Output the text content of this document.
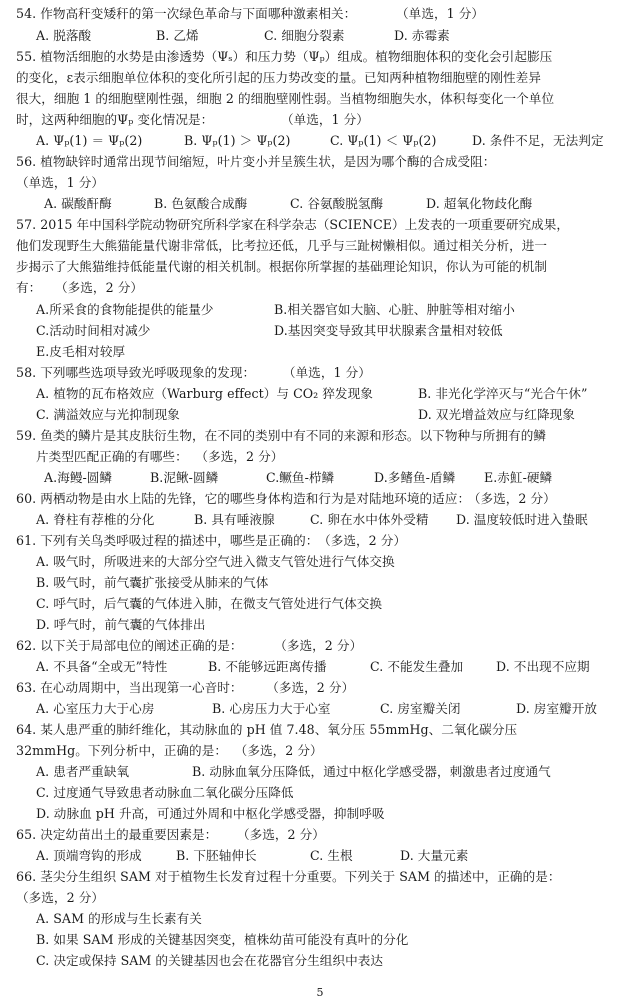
54. 作物高秆变矮秆的第一次绿色革命与下面哪种激素相关：	（单选，1 分）
A. 脱落酸	B. 乙烯	C. 细胞分裂素	D. 赤霉素
55. 植物活细胞的水势是由渗透势（Ψₛ）和压力势（Ψₚ）组成。植物细胞体积的变化会引起膨压
的变化，ε表示细胞单位体积的变化所引起的压力势改变的量。已知两种植物细胞壁的刚性差异
很大，细胞 1 的细胞壁刚性强，细胞 2 的细胞壁刚性弱。当植物细胞失水，体积每变化一个单位
时，这两种细胞的Ψₚ 变化情况是：	（单选，1 分）
A. Ψₚ(1) ＝ Ψₚ(2)	B. Ψₚ(1) ＞ Ψₚ(2)	C. Ψₚ(1) ＜ Ψₚ(2)	D. 条件不足，无法判定
56. 植物缺锌时通常出现节间缩短，叶片变小并呈簇生状，是因为哪个酶的合成受阻：
（单选，1 分）
A. 碳酸酐酶	B. 色氨酸合成酶	C. 谷氨酸脱氢酶	D. 超氧化物歧化酶
57. 2015 年中国科学院动物研究所科学家在科学杂志（SCIENCE）上发表的一项重要研究成果，
他们发现野生大熊猫能量代谢非常低，比考拉还低，几乎与三趾树懒相似。通过相关分析，进一
步揭示了大熊猫维持低能量代谢的相关机制。根据你所掌握的基础理论知识，你认为可能的机制
有： （多选，2 分）
A.所采食的食物能提供的能量少	B.相关器官如大脑、心脏、肿脏等相对缩小
C.活动时间相对减少	D.基因突变导致其甲状腺素含量相对较低
E.皮毛相对较厚
58. 下列哪些选项导致光呼吸现象的发现：	（单选，1 分）
A. 植物的瓦布格效应（Warburg effect）与 CO₂ 猝发现象	B. 非光化学淬灭与“光合午休”
C. 满溢效应与光抑制现象	D. 双光增益效应与红降现象
59. 鱼类的鳞片是其皮肤衍生物，在不同的类别中有不同的来源和形态。以下物种与所拥有的鳞
片类型匹配正确的有哪些： （多选，2 分）
A.海鳗-圆鳞	B.泥鳅-圆鳞	C.鳜鱼-栉鳞	D.多鳍鱼-盾鳞 E.赤魟-硬鳞
60. 两栖动物是由水上陆的先锋，它的哪些身体构造和行为是对陆地环境的适应： （多选，2 分）
A. 脊柱有荐椎的分化	B. 具有唾液腺	C. 卵在水中体外受精 D. 温度较低时进入蛰眠
61. 下列有关鸟类呼吸过程的描述中，哪些是正确的： （多选，2 分）
A. 吸气时，所吸进来的大部分空气进入微支气管处进行气体交换
B. 吸气时，前气囊扩张接受从肺来的气体
C. 呼气时，后气囊的气体进入肺，在微支气管处进行气体交换
D. 呼气时，前气囊的气体排出
62. 以下关于局部电位的阐述正确的是：	（多选，2 分）
A. 不具备“全或无”特性	B. 不能够远距离传播	C. 不能发生叠加	D. 不出现不应期
63. 在心动周期中，当出现第一心音时： （多选，2 分）
A. 心室压力大于心房	B. 心房压力大于心室	C. 房室瓣关闭	D. 房室瓣开放
64. 某人患严重的肺纤维化，其动脉血的 pH 值 7.48、氧分压 55mmHg、二氧化碳分压
32mmHg。下列分析中，正确的是： （多选，2 分）
A. 患者严重缺氧	B. 动脉血氧分压降低，通过中枢化学感受器，刺激患者过度通气
C. 过度通气导致患者动脉血二氧化碳分压降低
D. 动脉血 pH 升高，可通过外周和中枢化学感受器，抑制呼吸
65. 决定幼苗出土的最重要因素是： （多选，2 分）
A. 顶端弯钩的形成	B. 下胚轴伸长	C. 生根	D. 大量元素
66. 茎尖分生组织 SAM 对于植物生长发育过程十分重要。下列关于 SAM 的描述中，正确的是：
（多选，2 分）
A. SAM 的形成与生长素有关
B. 如果 SAM 形成的关键基因突变，植株幼苗可能没有真叶的分化
C. 决定或保持 SAM 的关键基因也会在花器官分生组织中表达
5
